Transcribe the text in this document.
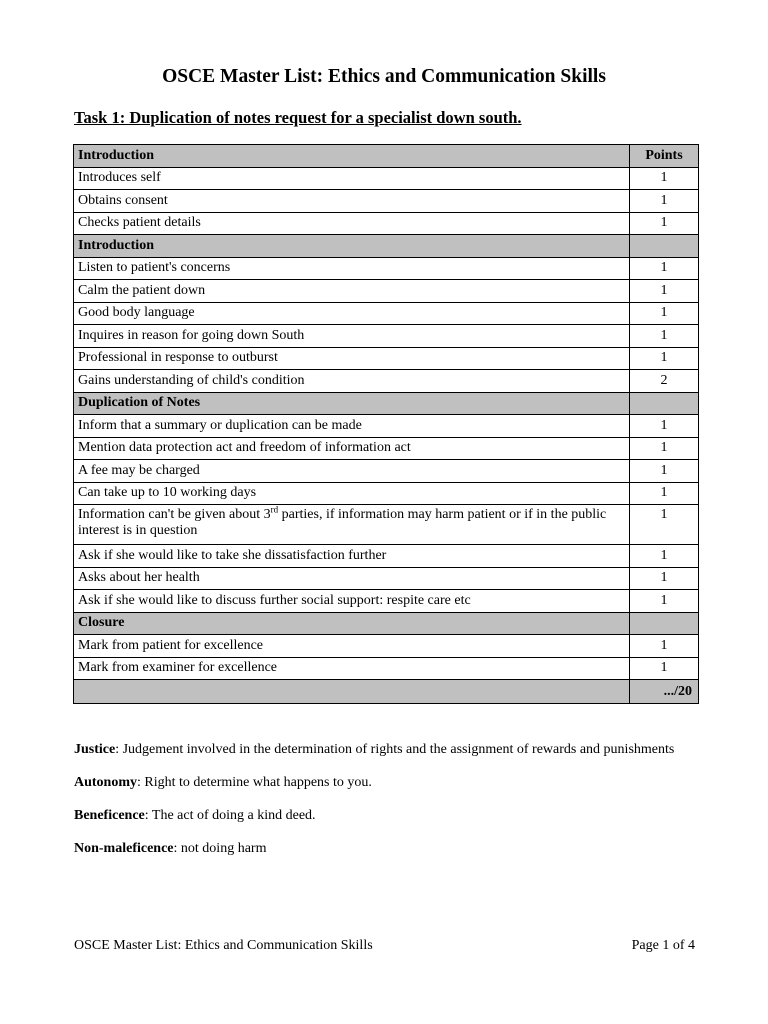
OSCE Master List: Ethics and Communication Skills
Task 1: Duplication of notes request for a specialist down south.
Introduction	Points
Introduces self	1
Obtains consent	1
Checks patient details	1
Introduction	
Listen to patient's concerns	1
Calm the patient down	1
Good body language	1
Inquires in reason for going down South	1
Professional in response to outburst	1
Gains understanding of child's condition	2
Duplication of Notes	
Inform that a summary or duplication can be made	1
Mention data protection act and freedom of information act	1
A fee may be charged	1
Can take up to 10 working days	1
Information can't be given about 3rd parties, if information may harm patient or if in the public interest is in question	1
Ask if she would like to take she dissatisfaction further	1
Asks about her health	1
Ask if she would like to discuss further social support: respite care etc	1
Closure	
Mark from patient for excellence	1
Mark from examiner for excellence	1
	.../20

Justice: Judgement involved in the determination of rights and the assignment of rewards and punishments

Autonomy: Right to determine what happens to you.

Beneficence: The act of doing a kind deed.

Non-maleficence: not doing harm

OSCE Master List: Ethics and Communication Skills	Page 1 of 4
